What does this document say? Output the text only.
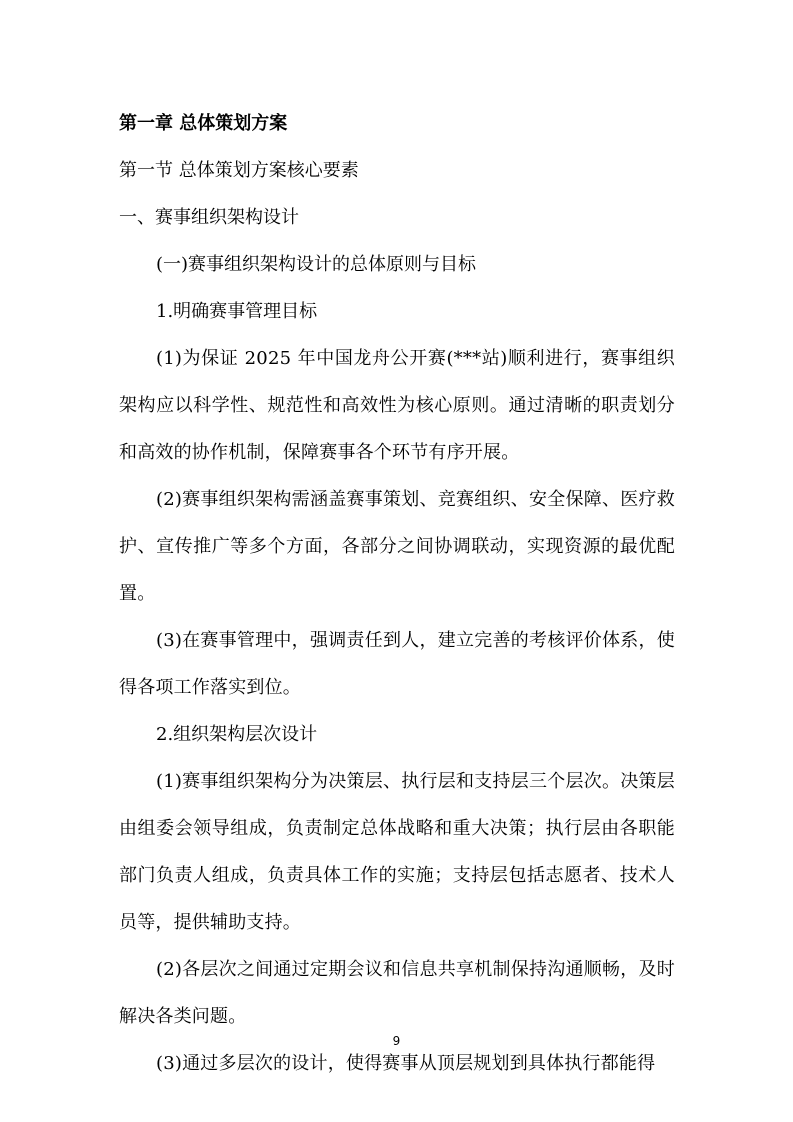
第一章 总体策划方案
第一节 总体策划方案核心要素
一、赛事组织架构设计
(一)赛事组织架构设计的总体原则与目标
1.明确赛事管理目标

(1)为保证 2025 年中国龙舟公开赛(***站)顺利进行，赛事组织架构应以科学性、规范性和高效性为核心原则。通过清晰的职责划分和高效的协作机制，保障赛事各个环节有序开展。

(2)赛事组织架构需涵盖赛事策划、竞赛组织、安全保障、医疗救护、宣传推广等多个方面，各部分之间协调联动，实现资源的最优配置。

(3)在赛事管理中，强调责任到人，建立完善的考核评价体系，使得各项工作落实到位。

2.组织架构层次设计

(1)赛事组织架构分为决策层、执行层和支持层三个层次。决策层由组委会领导组成，负责制定总体战略和重大决策；执行层由各职能部门负责人组成，负责具体工作的实施；支持层包括志愿者、技术人员等，提供辅助支持。

(2)各层次之间通过定期会议和信息共享机制保持沟通顺畅，及时解决各类问题。

(3)通过多层次的设计，使得赛事从顶层规划到具体执行都能得

9
